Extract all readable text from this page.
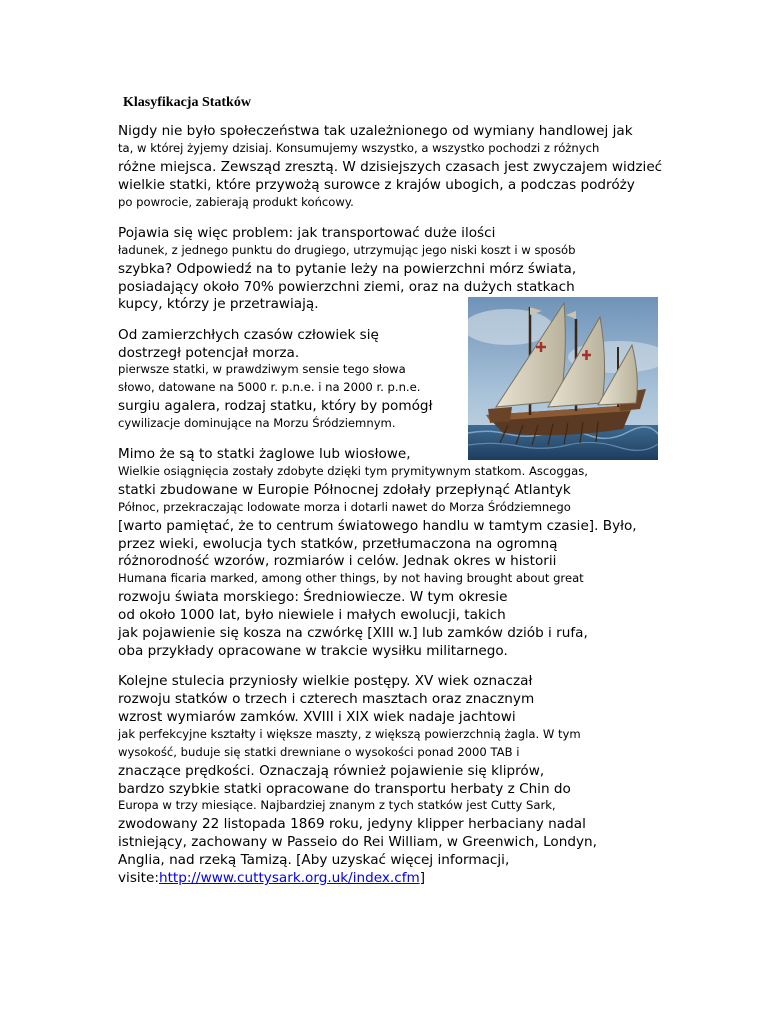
Klasyfikacja Statków
Nigdy nie było społeczeństwa tak uzależnionego od wymiany handlowej jak
ta, w której żyjemy dzisiaj. Konsumujemy wszystko, a wszystko pochodzi z różnych
różne miejsca. Zewsząd zresztą. W dzisiejszych czasach jest zwyczajem widzieć
wielkie statki, które przywożą surowce z krajów ubogich, a podczas podróży
po powrocie, zabierają produkt końcowy.
Pojawia się więc problem: jak transportować duże ilości
ładunek, z jednego punktu do drugiego, utrzymując jego niski koszt i w sposób
szybka? Odpowiedź na to pytanie leży na powierzchni mórz świata,
posiadający około 70% powierzchni ziemi, oraz na dużych statkach
kupcy, którzy je przetrawiają.
Od zamierzchłych czasów człowiek się
dostrzegł potencjał morza.
pierwsze statki, w prawdziwym sensie tego słowa
słowo, datowane na 5000 r. p.n.e. i na 2000 r. p.n.e.
surgiu agalera, rodzaj statku, który by pomógł
cywilizacje dominujące na Morzu Śródziemnym.
Mimo że są to statki żaglowe lub wiosłowe,
Wielkie osiągnięcia zostały zdobyte dzięki tym prymitywnym statkom. Ascoggas,
statki zbudowane w Europie Północnej zdołały przepłynąć Atlantyk
Północ, przekraczając lodowate morza i dotarli nawet do Morza Śródziemnego
[warto pamiętać, że to centrum światowego handlu w tamtym czasie]. Było,
przez wieki, ewolucja tych statków, przetłumaczona na ogromną
różnorodność wzorów, rozmiarów i celów. Jednak okres w historii
Humana ficaria marked, among other things, by not having brought about great
rozwoju świata morskiego: Średniowiecze. W tym okresie
od około 1000 lat, było niewiele i małych ewolucji, takich
jak pojawienie się kosza na czwórkę [XIII w.] lub zamków dziób i rufa,
oba przykłady opracowane w trakcie wysiłku militarnego.
Kolejne stulecia przyniosły wielkie postępy. XV wiek oznaczał
rozwoju statków o trzech i czterech masztach oraz znacznym
wzrost wymiarów zamków. XVIII i XIX wiek nadaje jachtowi
jak perfekcyjne kształty i większe maszty, z większą powierzchnią żagla. W tym
wysokość, buduje się statki drewniane o wysokości ponad 2000 TAB i
znaczące prędkości. Oznaczają również pojawienie się kliprów,
bardzo szybkie statki opracowane do transportu herbaty z Chin do
Europa w trzy miesiące. Najbardziej znanym z tych statków jest Cutty Sark,
zwodowany 22 listopada 1869 roku, jedyny klipper herbaciany nadal
istniejący, zachowany w Passeio do Rei William, w Greenwich, Londyn,
Anglia, nad rzeką Tamizą. [Aby uzyskać więcej informacji,
visite:http://www.cuttysark.org.uk/index.cfm]
